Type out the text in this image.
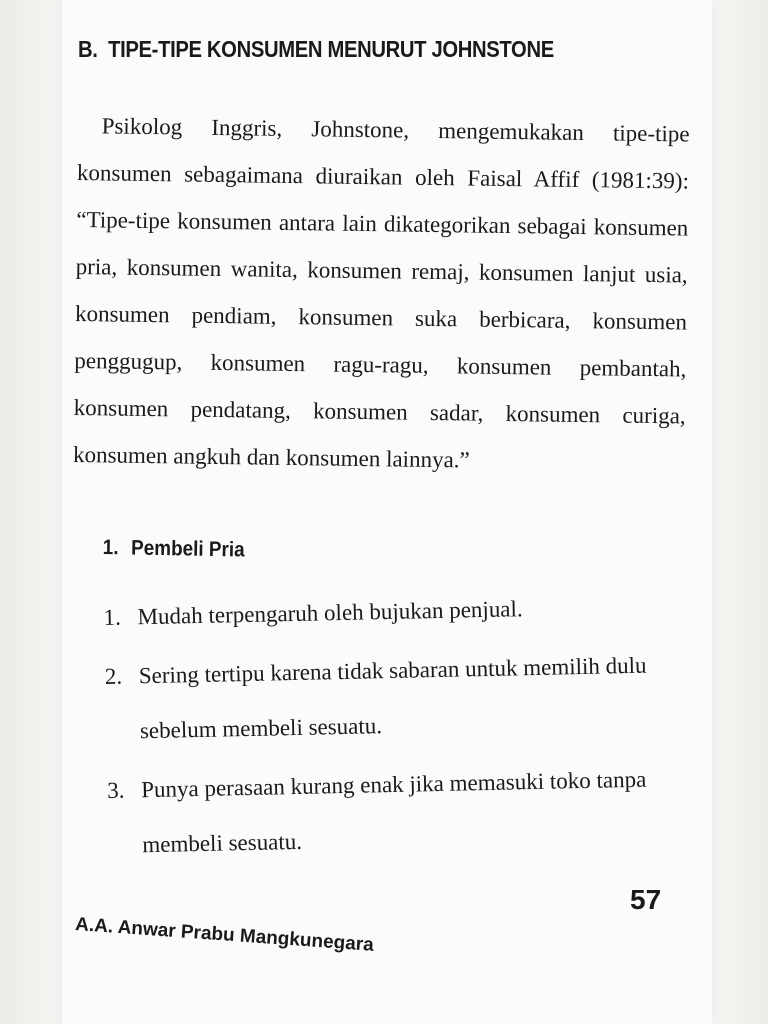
B. TIPE-TIPE KONSUMEN MENURUT JOHNSTONE

Psikolog Inggris, Johnstone, mengemukakan tipe-tipe konsumen sebagaimana diuraikan oleh Faisal Affif (1981:39): “Tipe-tipe konsumen antara lain dikategorikan sebagai konsumen pria, konsumen wanita, konsumen remaj, konsumen lanjut usia, konsumen pendiam, konsumen suka berbicara, konsumen penggugup, konsumen ragu-ragu, konsumen pembantah, konsumen pendatang, konsumen sadar, konsumen curiga, konsumen angkuh dan konsumen lainnya.”

1. Pembeli Pria
1. Mudah terpengaruh oleh bujukan penjual.
2. Sering tertipu karena tidak sabaran untuk memilih dulu sebelum membeli sesuatu.
3. Punya perasaan kurang enak jika memasuki toko tanpa membeli sesuatu.
57
A.A. Anwar Prabu Mangkunegara
